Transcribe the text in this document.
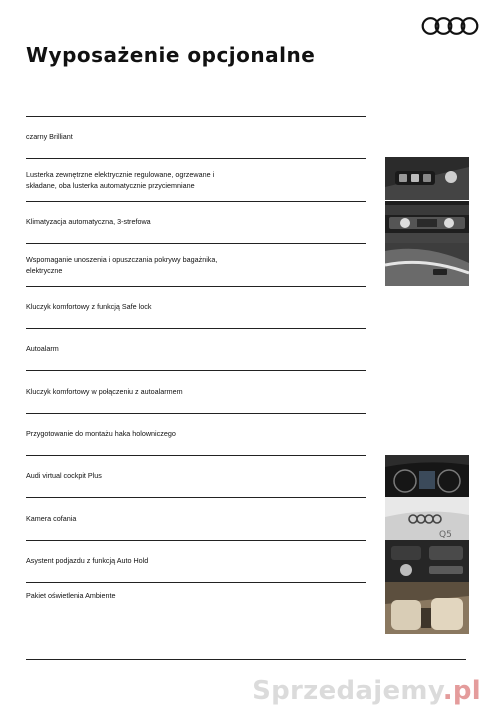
Wyposażenie opcjonalne
czarny Brilliant
Lusterka zewnętrzne elektrycznie regulowane, ogrzewane i składane, oba lusterka automatycznie przyciemniane
Klimatyzacja automatyczna, 3-strefowa
Wspomaganie unoszenia i opuszczania pokrywy bagażnika, elektryczne
Kluczyk komfortowy z funkcją Safe lock
Autoalarm
Kluczyk komfortowy w połączeniu z autoalarmem
Przygotowanie do montażu haka holowniczego
Audi virtual cockpit Plus
Kamera cofania
Asystent podjazdu z funkcją Auto Hold
Pakiet oświetlenia Ambiente
Q5
Sprzedajemy.pl
